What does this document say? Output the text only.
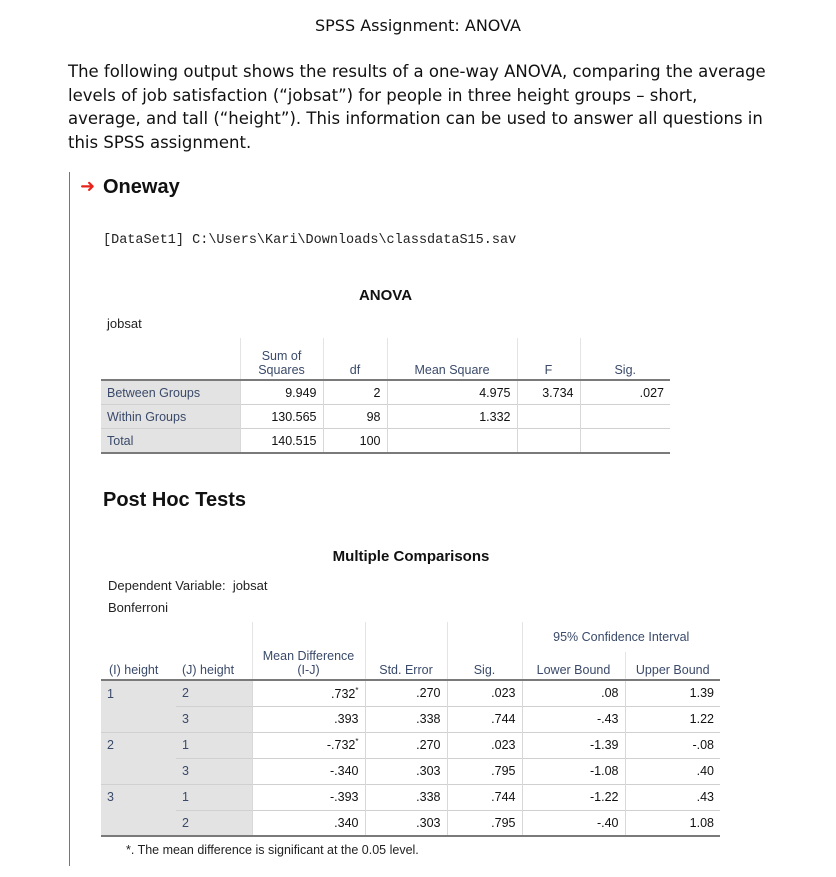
SPSS Assignment: ANOVA
The following output shows the results of a one-way ANOVA, comparing the average levels of job satisfaction (“jobsat”) for people in three height groups – short, average, and tall (“height”). This information can be used to answer all questions in this SPSS assignment.
➜ Oneway
[DataSet1] C:\Users\Kari\Downloads\classdataS15.sav
ANOVA
jobsat
	Sum of Squares	df	Mean Square	F	Sig.
Between Groups	9.949	2	4.975	3.734	.027
Within Groups	130.565	98	1.332		
Total	140.515	100			
Post Hoc Tests
Multiple Comparisons
Dependent Variable: jobsat
Bonferroni
(I) height	(J) height	Mean Difference (I-J)	Std. Error	Sig.	95% Confidence Interval	
					Lower Bound	Upper Bound
1	2	.732*	.270	.023	.08	1.39
	3	.393	.338	.744	-.43	1.22
2	1	-.732*	.270	.023	-1.39	-.08
	3	-.340	.303	.795	-1.08	.40
3	1	-.393	.338	.744	-1.22	.43
	2	.340	.303	.795	-.40	1.08
*. The mean difference is significant at the 0.05 level.
